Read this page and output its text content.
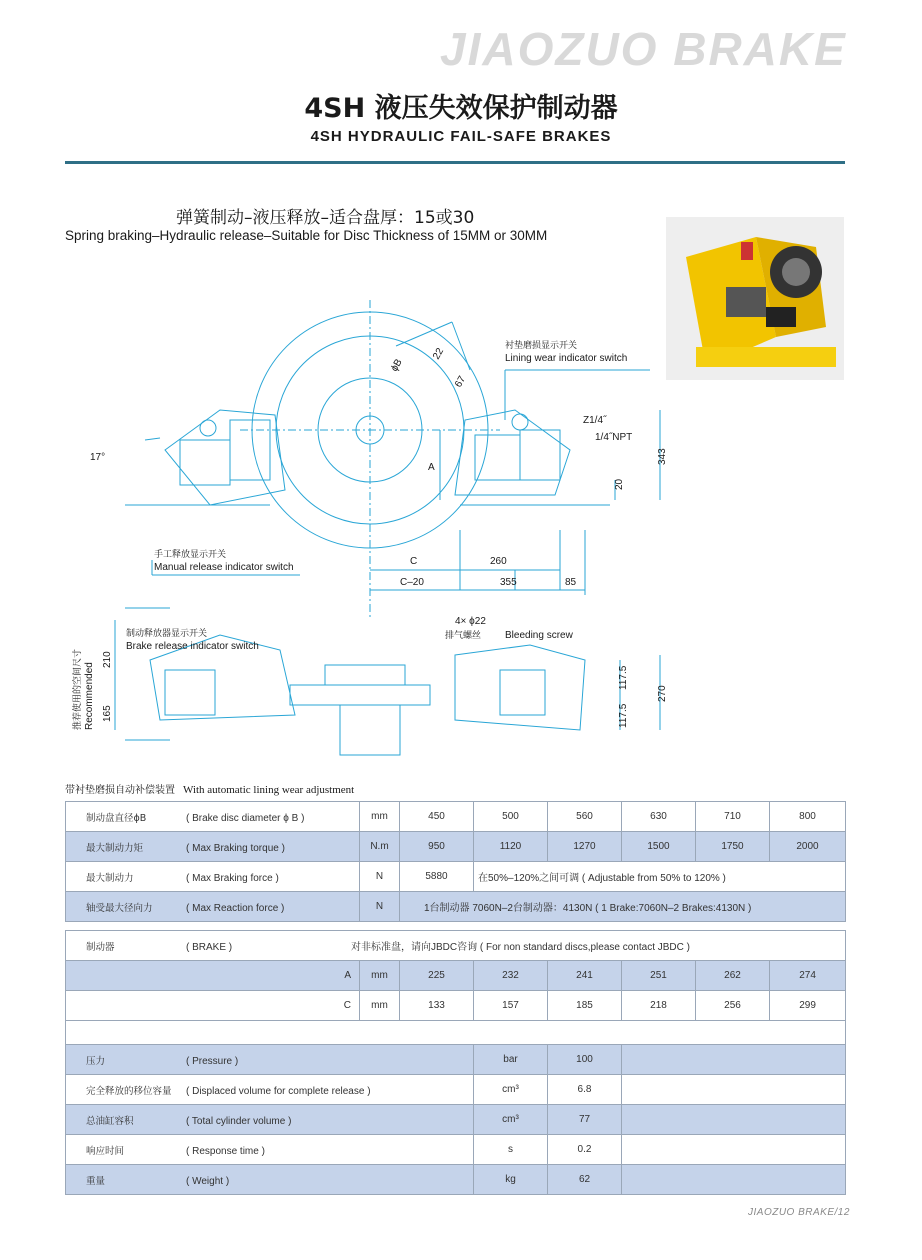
JIAOZUO BRAKE
4SH 液压失效保护制动器
4SH HYDRAULIC FAIL-SAFE BRAKES
弹簧制动–液压释放–适合盘厚：15或30
Spring braking–Hydraulic release–Suitable for Disc Thickness of 15MM or 30MM
ϕB
22
67
17°
A
343
20
Z1/4˝
1/4˝NPT
衬垫磨损显示开关
Lining wear indicator switch
手工释放显示开关
Manual release indicator switch
C	260
C–20	355	85
制动释放器显示开关
Brake release indicator switch
4× ϕ22
排气螺丝 Bleeding screw
推荐使用的空间尺寸 Recommended
210
165
117.5
117.5
270
带衬垫磨损自动补偿装置 With automatic lining wear adjustment
制动盘直径ϕB ( Brake disc diameter ϕ B )	mm	450	500	560	630	710	800
最大制动力矩 ( Max Braking torque )	N.m	950	1120	1270	1500	1750	2000
最大制动力 ( Max Braking force )	N	5880	在50%–120%之间可调 ( Adjustable from 50% to 120% )				
轴受最大径向力 ( Max Reaction force )	N	1台制动器 7060N–2台制动器：4130N ( 1 Brake:7060N–2 Brakes:4130N )					
制动器 ( BRAKE ) 对非标准盘，请向JBDC咨询 ( For non standard discs,please contact JBDC )							
A	mm	225	232	241	251	262	274
C	mm	133	157	185	218	256	299

压力 ( Pressure )	bar	100	
完全释放的移位容量 ( Displaced volume for complete release )	cm³	6.8	
总油缸容积 ( Total cylinder volume )	cm³	77	
响应时间 ( Response time )	s	0.2	
重量 ( Weight )	kg	62	
JIAOZUO BRAKE/12
